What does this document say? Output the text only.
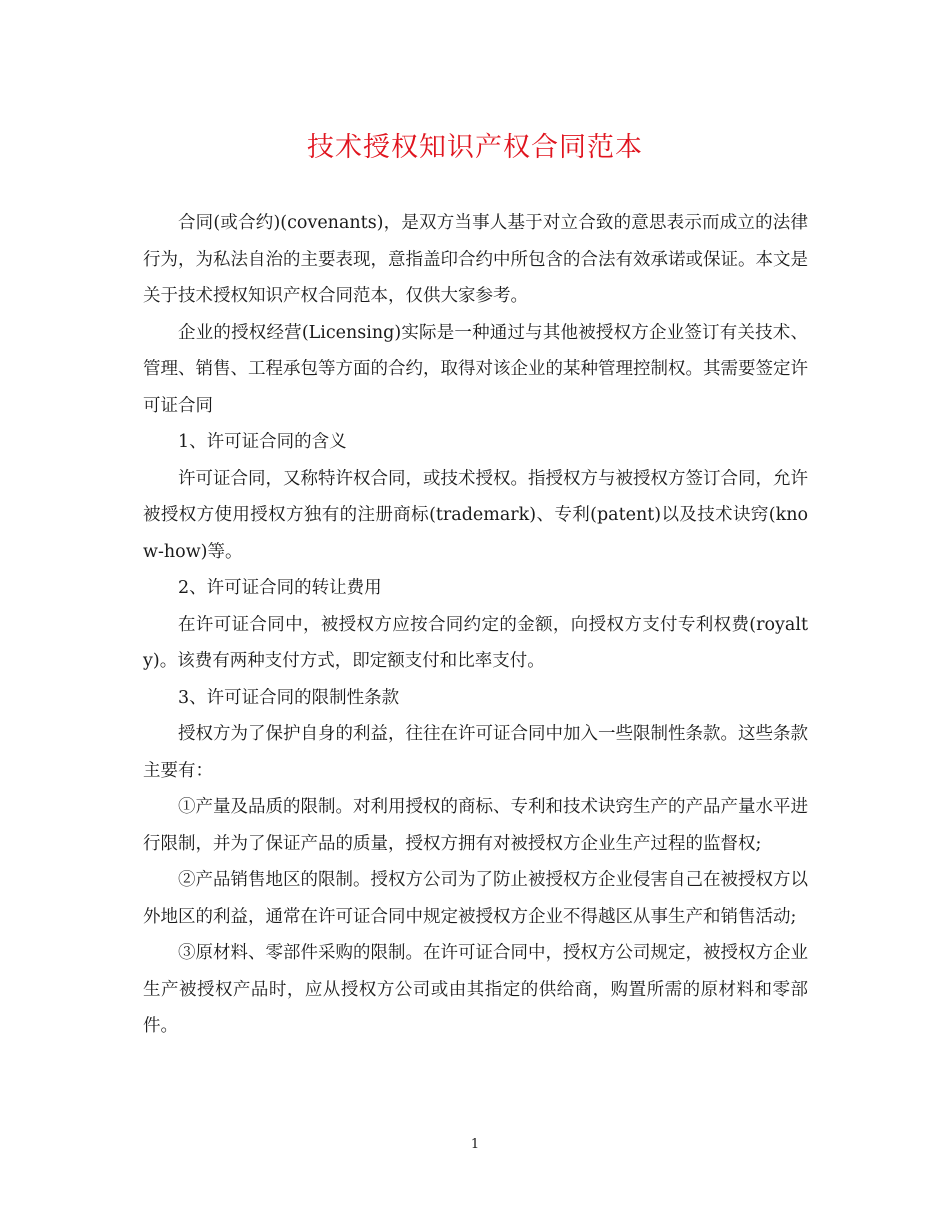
技术授权知识产权合同范本

合同(或合约)(covenants)，是双方当事人基于对立合致的意思表示而成立的法律行为，为私法自治的主要表现，意指盖印合约中所包含的合法有效承诺或保证。本文是关于技术授权知识产权合同范本，仅供大家参考。

企业的授权经营(Licensing)实际是一种通过与其他被授权方企业签订有关技术、管理、销售、工程承包等方面的合约，取得对该企业的某种管理控制权。其需要签定许可证合同

1、许可证合同的含义

许可证合同，又称特许权合同，或技术授权。指授权方与被授权方签订合同，允许被授权方使用授权方独有的注册商标(trademark)、专利(patent)以及技术诀窍(know-how)等。

2、许可证合同的转让费用

在许可证合同中，被授权方应按合同约定的金额，向授权方支付专利权费(royalty)。该费有两种支付方式，即定额支付和比率支付。

3、许可证合同的限制性条款

授权方为了保护自身的利益，往往在许可证合同中加入一些限制性条款。这些条款主要有：

①产量及品质的限制。对利用授权的商标、专利和技术诀窍生产的产品产量水平进行限制，并为了保证产品的质量，授权方拥有对被授权方企业生产过程的监督权;

②产品销售地区的限制。授权方公司为了防止被授权方企业侵害自己在被授权方以外地区的利益，通常在许可证合同中规定被授权方企业不得越区从事生产和销售活动;

③原材料、零部件采购的限制。在许可证合同中，授权方公司规定，被授权方企业生产被授权产品时，应从授权方公司或由其指定的供给商，购置所需的原材料和零部件。

1
